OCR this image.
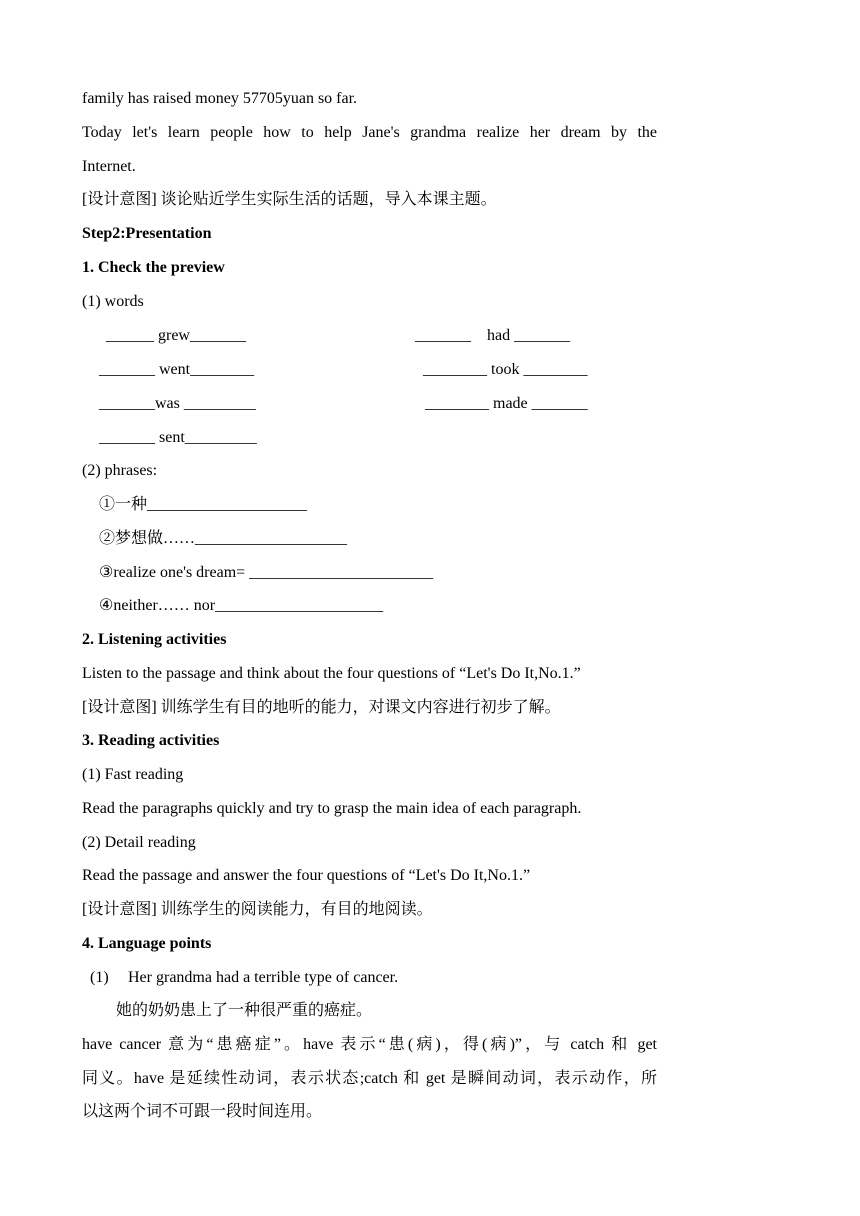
family has raised money 57705yuan so far.
Today let's learn people how to help Jane's grandma realize her dream by the
Internet.
[设计意图] 谈论贴近学生实际生活的话题，导入本课主题。
Step2:Presentation
1. Check the preview
(1) words
______ grew_______	_______    had _______
_______ went________	________ took ________
_______was _________	________ made _______
_______ sent_________
(2) phrases:
①一种____________________
②梦想做……___________________
③realize one's dream= _______________________
④neither…… nor_____________________
2. Listening activities
Listen to the passage and think about the four questions of “Let's Do It,No.1.”
[设计意图] 训练学生有目的地听的能力，对课文内容进行初步了解。
3. Reading activities
(1) Fast reading
Read the paragraphs quickly and try to grasp the main idea of each paragraph.
(2) Detail reading
Read the passage and answer the four questions of “Let's Do It,No.1.”
[设计意图] 训练学生的阅读能力，有目的地阅读。
4. Language points
(1) Her grandma had a terrible type of cancer.
她的奶奶患上了一种很严重的癌症。
have cancer 意为“患癌症”。have 表示“患(病)，得(病)”，与 catch 和 get
同义。have 是延续性动词，表示状态;catch 和 get 是瞬间动词，表示动作，所
以这两个词不可跟一段时间连用。
